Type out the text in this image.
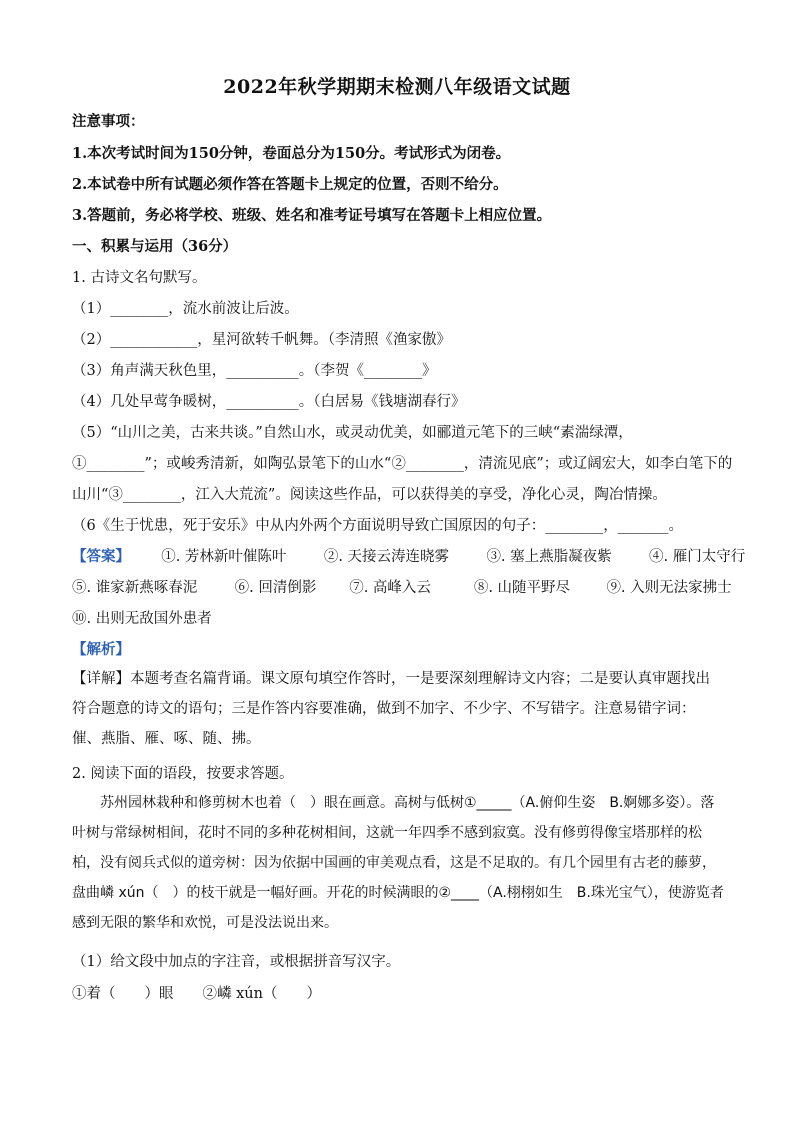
2022年秋学期期末检测八年级语文试题
注意事项：
1.本次考试时间为150分钟，卷面总分为150分。考试形式为闭卷。
2.本试卷中所有试题必须作答在答题卡上规定的位置，否则不给分。
3.答题前，务必将学校、班级、姓名和准考证号填写在答题卡上相应位置。
一、积累与运用（36分）
1. 古诗文名句默写。
（1）________，流水前波让后波。
（2）____________，星河欲转千帆舞。（李清照《渔家傲》
（3）角声满天秋色里，__________。（李贺《________》
（4）几处早莺争暖树，__________。（白居易《钱塘湖春行》
（5）“山川之美，古来共谈。”自然山水，或灵动优美，如郦道元笔下的三峡“素湍绿潭，
①________”；或峻秀清新，如陶弘景笔下的山水“②________，清流见底”；或辽阔宏大，如李白笔下的
山川“③________，江入大荒流”。阅读这些作品，可以获得美的享受，净化心灵，陶冶情操。
（6《生于忧患，死于安乐》中从内外两个方面说明导致亡国原因的句子：________，_______。
【答案】 ①. 芳林新叶催陈叶	②. 天接云涛连晓雾	③. 塞上燕脂凝夜紫	④. 雁门太守行
⑤. 谁家新燕啄春泥	⑥. 回清倒影 ⑦. 高峰入云	⑧. 山随平野尽	⑨. 入则无法家拂士
⑩. 出则无敌国外患者
【解析】
【详解】本题考查名篇背诵。课文原句填空作答时，一是要深刻理解诗文内容；二是要认真审题找出符合题意的诗文的语句；三是作答内容要准确，做到不加字、不少字、不写错字。注意易错字词：催、燕脂、雁、啄、随、拂。
2. 阅读下面的语段，按要求答题。
苏州园林栽种和修剪树木也着（　）眼在画意。高树与低树①_____（A.俯仰生姿　B.婀娜多姿）。落叶树与常绿树相间，花时不同的多种花树相间，这就一年四季不感到寂寞。没有修剪得像宝塔那样的松柏，没有阅兵式似的道旁树：因为依据中国画的审美观点看，这是不足取的。有几个园里有古老的藤萝，盘曲嶙 xún（　）的枝干就是一幅好画。开花的时候满眼的②____（A.栩栩如生　B.珠光宝气），使游览者感到无限的繁华和欢悦，可是没法说出来。
（1）给文段中加点的字注音，或根据拼音写汉字。
①着（　　）眼　　②嶙 xún（　　）
